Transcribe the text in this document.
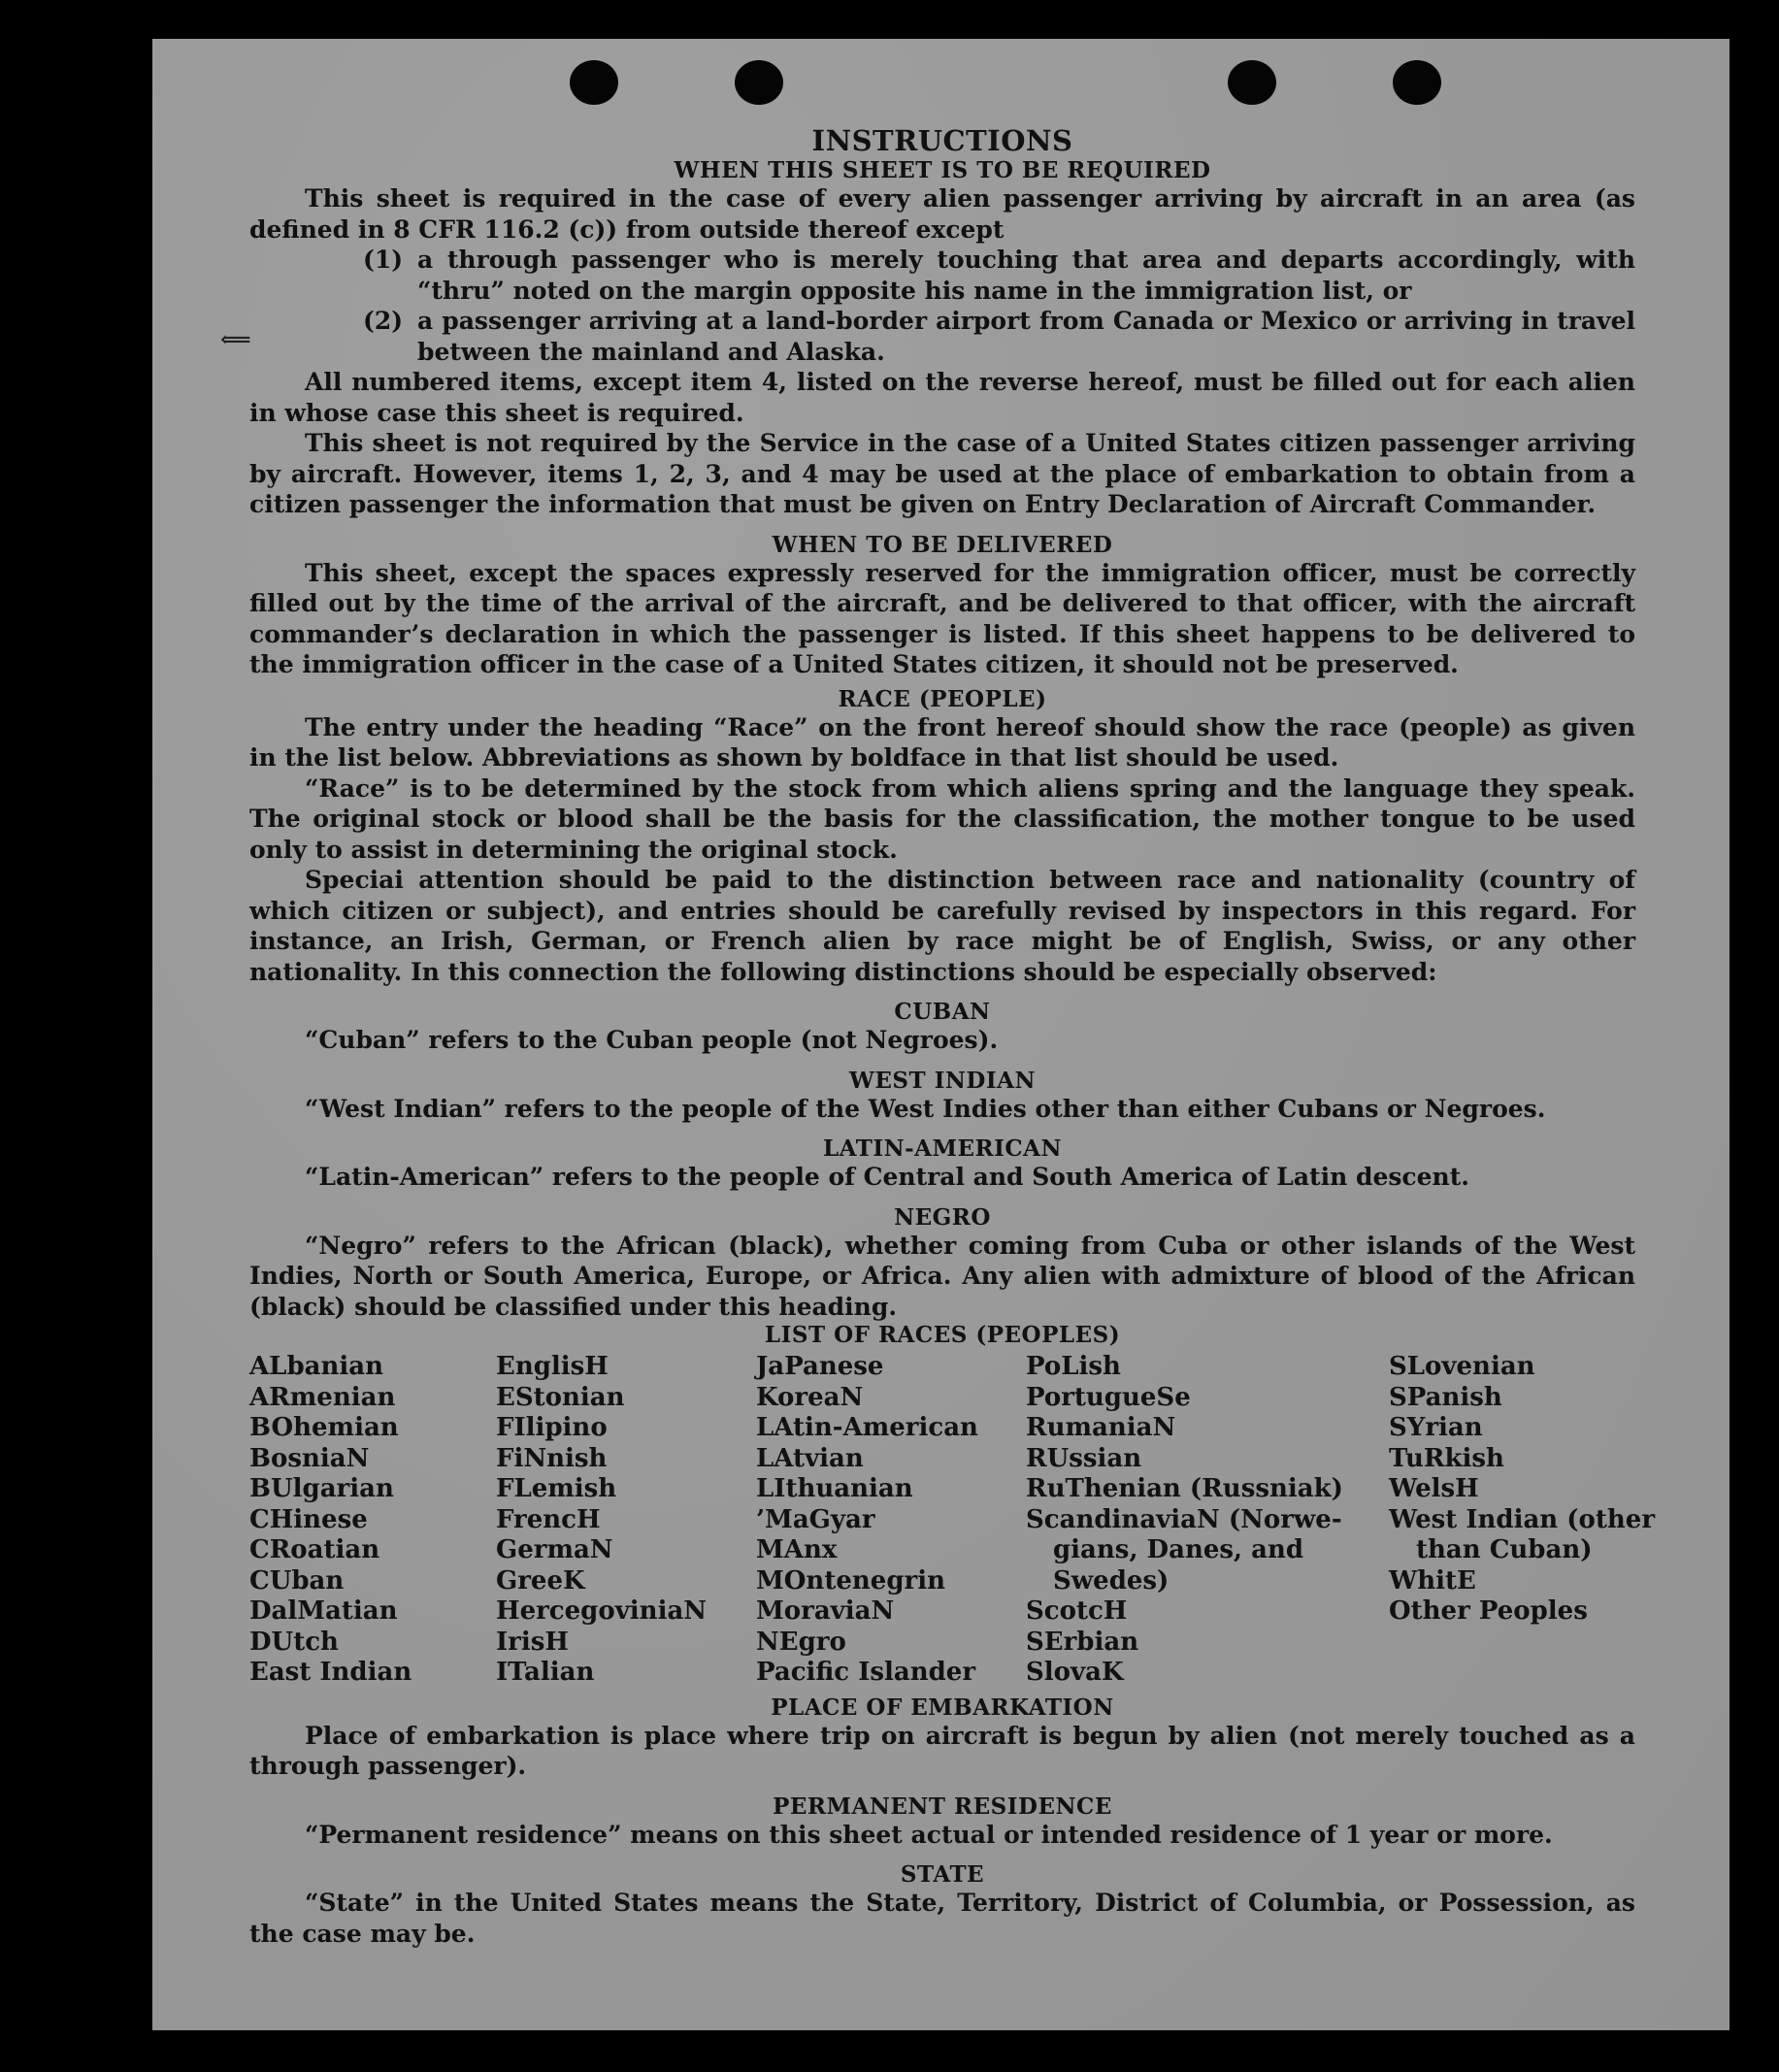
⟸

INSTRUCTIONS

WHEN THIS SHEET IS TO BE REQUIRED

This sheet is required in the case of every alien passenger arriving by aircraft in an area (as defined in 8 CFR 116.2 (c)) from outside thereof except

(1) a through passenger who is merely touching that area and departs accordingly, with “thru” noted on the margin opposite his name in the immigration list, or
(2) a passenger arriving at a land-border airport from Canada or Mexico or arriving in travel between the mainland and Alaska.

All numbered items, except item 4, listed on the reverse hereof, must be filled out for each alien in whose case this sheet is required.

This sheet is not required by the Service in the case of a United States citizen passenger arriving by aircraft. However, items 1, 2, 3, and 4 may be used at the place of embarkation to obtain from a citizen passenger the information that must be given on Entry Declaration of Aircraft Commander.

WHEN TO BE DELIVERED

This sheet, except the spaces expressly reserved for the immigration officer, must be correctly filled out by the time of the arrival of the aircraft, and be delivered to that officer, with the aircraft commander’s declaration in which the passenger is listed. If this sheet happens to be delivered to the immigration officer in the case of a United States citizen, it should not be preserved.

RACE (PEOPLE)

The entry under the heading “Race” on the front hereof should show the race (people) as given in the list below. Abbreviations as shown by boldface in that list should be used.

“Race” is to be determined by the stock from which aliens spring and the language they speak. The original stock or blood shall be the basis for the classification, the mother tongue to be used only to assist in determining the original stock.

Speciai attention should be paid to the distinction between race and nationality (country of which citizen or subject), and entries should be carefully revised by inspectors in this regard. For instance, an Irish, German, or French alien by race might be of English, Swiss, or any other nationality. In this connection the following distinctions should be especially observed:

CUBAN

“Cuban” refers to the Cuban people (not Negroes).

WEST INDIAN

“West Indian” refers to the people of the West Indies other than either Cubans or Negroes.

LATIN-AMERICAN

“Latin-American” refers to the people of Central and South America of Latin descent.

NEGRO

“Negro” refers to the African (black), whether coming from Cuba or other islands of the West Indies, North or South America, Europe, or Africa. Any alien with admixture of blood of the African (black) should be classified under this heading.

LIST OF RACES (PEOPLES)

ALbanian
ARmenian
BOhemian
BosniaN
BUlgarian
CHinese
CRoatian
CUban
DalMatian
DUtch
East Indian
EnglisH
EStonian
FIlipino
FiNnish
FLemish
FrencH
GermaN
GreeK
HercegoviniaN
IrisH
ITalian
JaPanese
KoreaN
LAtin-American
LAtvian
LIthuanian
’MaGyar
MAnx
MOntenegrin
MoraviaN
NEgro
Pacific Islander
PoLish
PortugueSe
RumaniaN
RUssian
RuThenian (Russniak)
ScandinaviaN (Norwe-
gians, Danes, and
Swedes)
ScotcH
SErbian
SlovaK
SLovenian
SPanish
SYrian
TuRkish
WelsH
West Indian (other
than Cuban)
WhitE
Other Peoples

PLACE OF EMBARKATION

Place of embarkation is place where trip on aircraft is begun by alien (not merely touched as a through passenger).

PERMANENT RESIDENCE

“Permanent residence” means on this sheet actual or intended residence of 1 year or more.

STATE

“State” in the United States means the State, Territory, District of Columbia, or Possession, as the case may be.
